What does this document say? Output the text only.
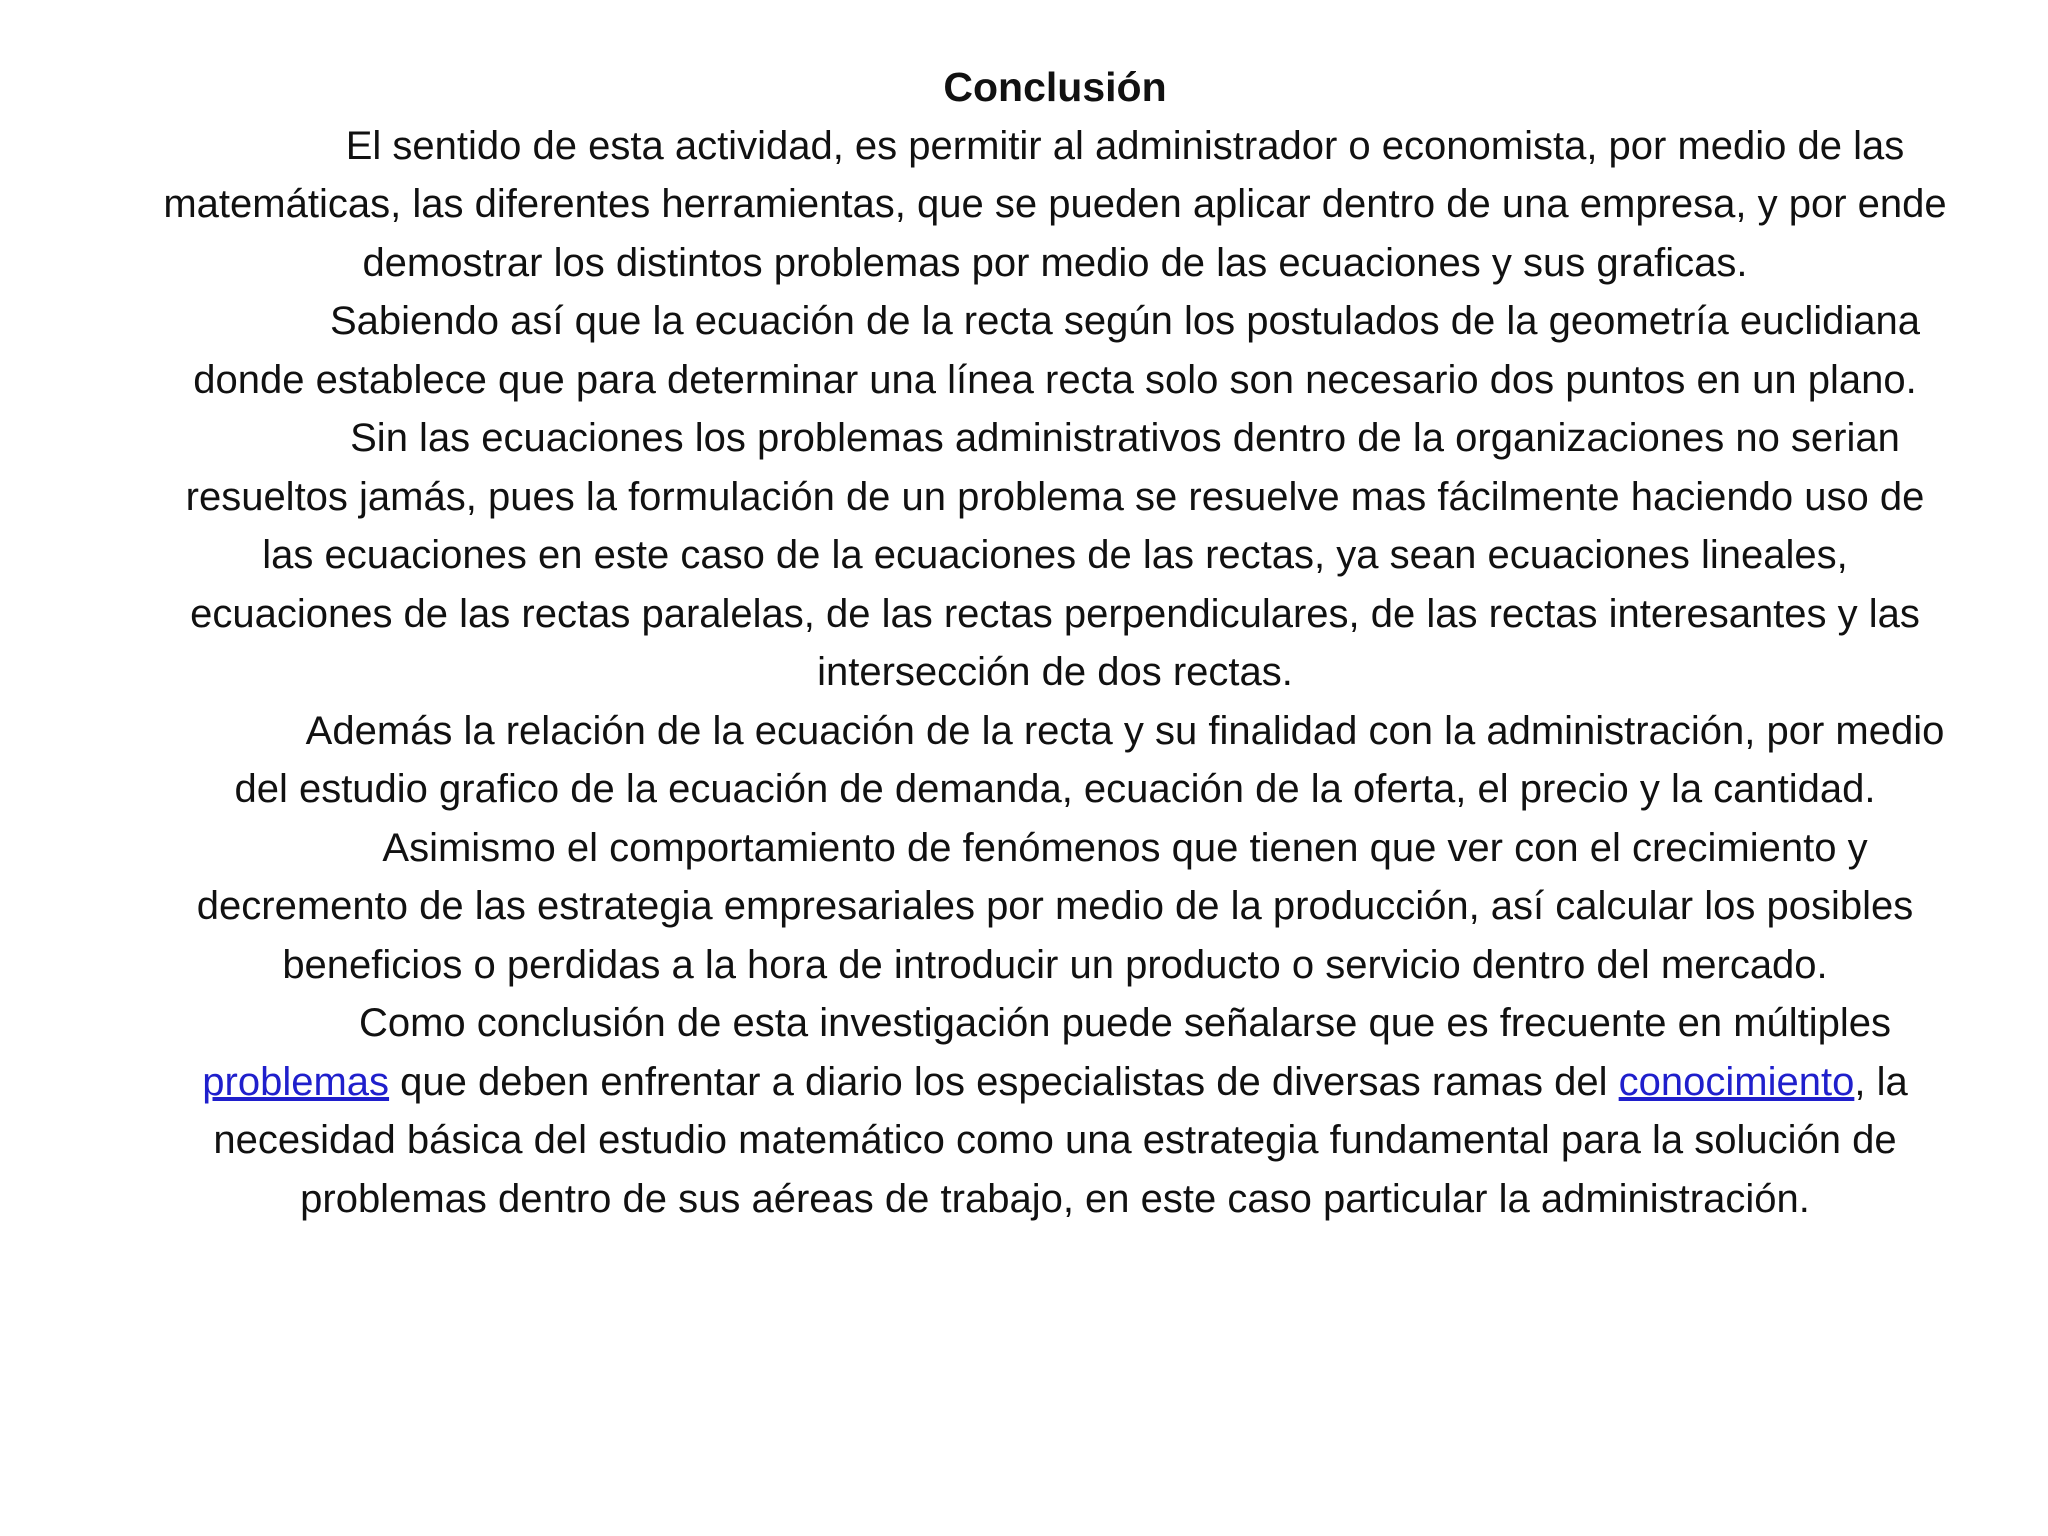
Conclusión

El sentido de esta actividad, es permitir al administrador o economista, por medio de las matemáticas, las diferentes herramientas, que se pueden aplicar dentro de una empresa, y por ende demostrar los distintos problemas por medio de las ecuaciones y sus graficas.

Sabiendo así que la ecuación de la recta según los postulados de la geometría euclidiana donde establece que para determinar una línea recta solo son necesario dos puntos en un plano.

Sin las ecuaciones los problemas administrativos dentro de la organizaciones no serian resueltos jamás, pues la formulación de un problema se resuelve mas fácilmente haciendo uso de las ecuaciones en este caso de la ecuaciones de las rectas, ya sean ecuaciones lineales, ecuaciones de las rectas paralelas, de las rectas perpendiculares, de las rectas interesantes y las intersección de dos rectas.

Además la relación de la ecuación de la recta y su finalidad con la administración, por medio del estudio grafico de la ecuación de demanda, ecuación de la oferta, el precio y la cantidad.

Asimismo el comportamiento de fenómenos que tienen que ver con el crecimiento y decremento de las estrategia empresariales por medio de la producción, así calcular los posibles beneficios o perdidas a la hora de introducir un producto o servicio dentro del mercado.

Como conclusión de esta investigación puede señalarse que es frecuente en múltiples problemas que deben enfrentar a diario los especialistas de diversas ramas del conocimiento, la necesidad básica del estudio matemático como una estrategia fundamental para la solución de problemas dentro de sus aéreas de trabajo, en este caso particular la administración.
